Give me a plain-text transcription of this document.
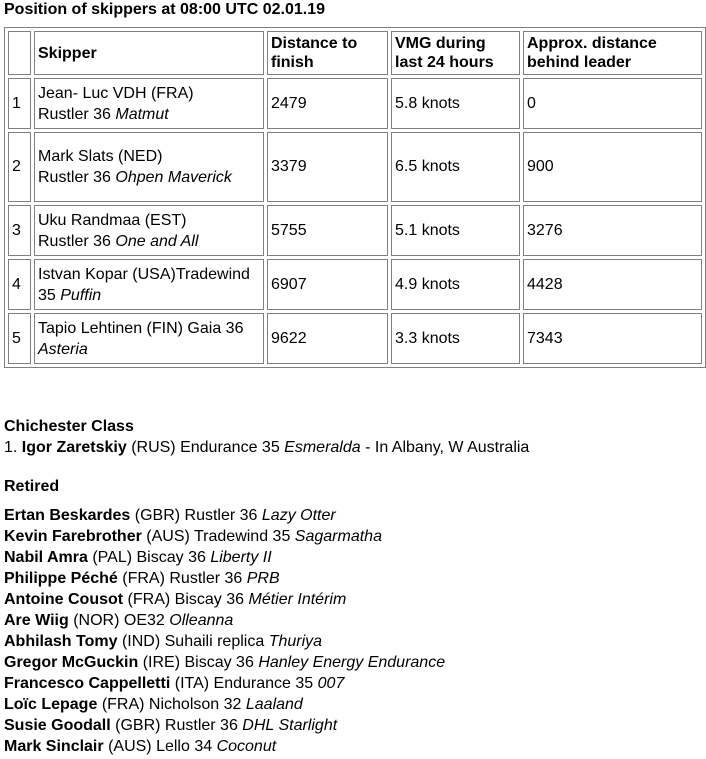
Position of skippers at 08:00 UTC 02.01.19
	Skipper	Distance to finish	VMG during last 24 hours	Approx. distance behind leader
1	Jean- Luc VDH (FRA)
Rustler 36 Matmut	2479	5.8 knots	0
2	Mark Slats (NED)
Rustler 36 Ohpen Maverick	3379	6.5 knots	900
3	Uku Randmaa (EST)
Rustler 36 One and All	5755	5.1 knots	3276
4	Istvan Kopar (USA)Tradewind 35 Puffin	6907	4.9 knots	4428
5	Tapio Lehtinen (FIN) Gaia 36 Asteria	9622	3.3 knots	7343
Chichester Class
1. Igor Zaretskiy (RUS) Endurance 35 Esmeralda - In Albany, W Australia
Retired
Ertan Beskardes (GBR) Rustler 36 Lazy Otter
Kevin Farebrother (AUS) Tradewind 35 Sagarmatha
Nabil Amra (PAL) Biscay 36 Liberty II
Philippe Péché (FRA) Rustler 36 PRB
Antoine Cousot (FRA) Biscay 36 Métier Intérim
Are Wiig (NOR) OE32 Olleanna
Abhilash Tomy (IND) Suhaili replica Thuriya
Gregor McGuckin (IRE) Biscay 36 Hanley Energy Endurance
Francesco Cappelletti (ITA) Endurance 35 007
Loïc Lepage (FRA) Nicholson 32 Laaland
Susie Goodall (GBR) Rustler 36 DHL Starlight
Mark Sinclair (AUS) Lello 34 Coconut
